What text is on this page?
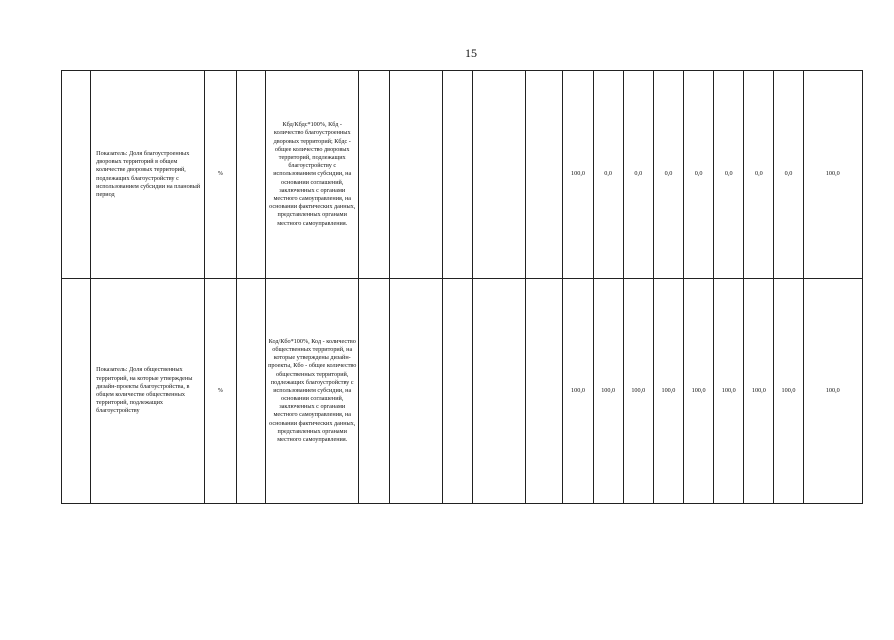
15
	Показатель: Доля благоустроенных дворовых территорий в общем количестве дворовых территорий, подлежащих благоустройству с использованием субсидии на плановый период	%		Кбд/Кбдс*100%, Кбд - количество благоустроенных дворовых территорий; Кбдс - общее количество дворовых территорий, подлежащих благоустройству с использованием субсидии, на основании соглашений, заключенных с органами местного самоуправления, на основании фактических данных, представленных органами местного самоуправления.						100,0	0,0	0,0	0,0	0,0	0,0	0,0	0,0	100,0
	Показатель: Доля общественных территорий, на которые утверждены дизайн-проекты благоустройства, в общем количестве общественных территорий, подлежащих благоустройству	%		Код/Кбо*100%, Код - количество общественных территорий, на которые утверждены дизайн-проекты, Кбо - общее количество общественных территорий, подлежащих благоустройству с использованием субсидии, на основании соглашений, заключенных с органами местного самоуправления, на основании фактических данных, представленных органами местного самоуправления.						100,0	100,0	100,0	100,0	100,0	100,0	100,0	100,0	100,0
